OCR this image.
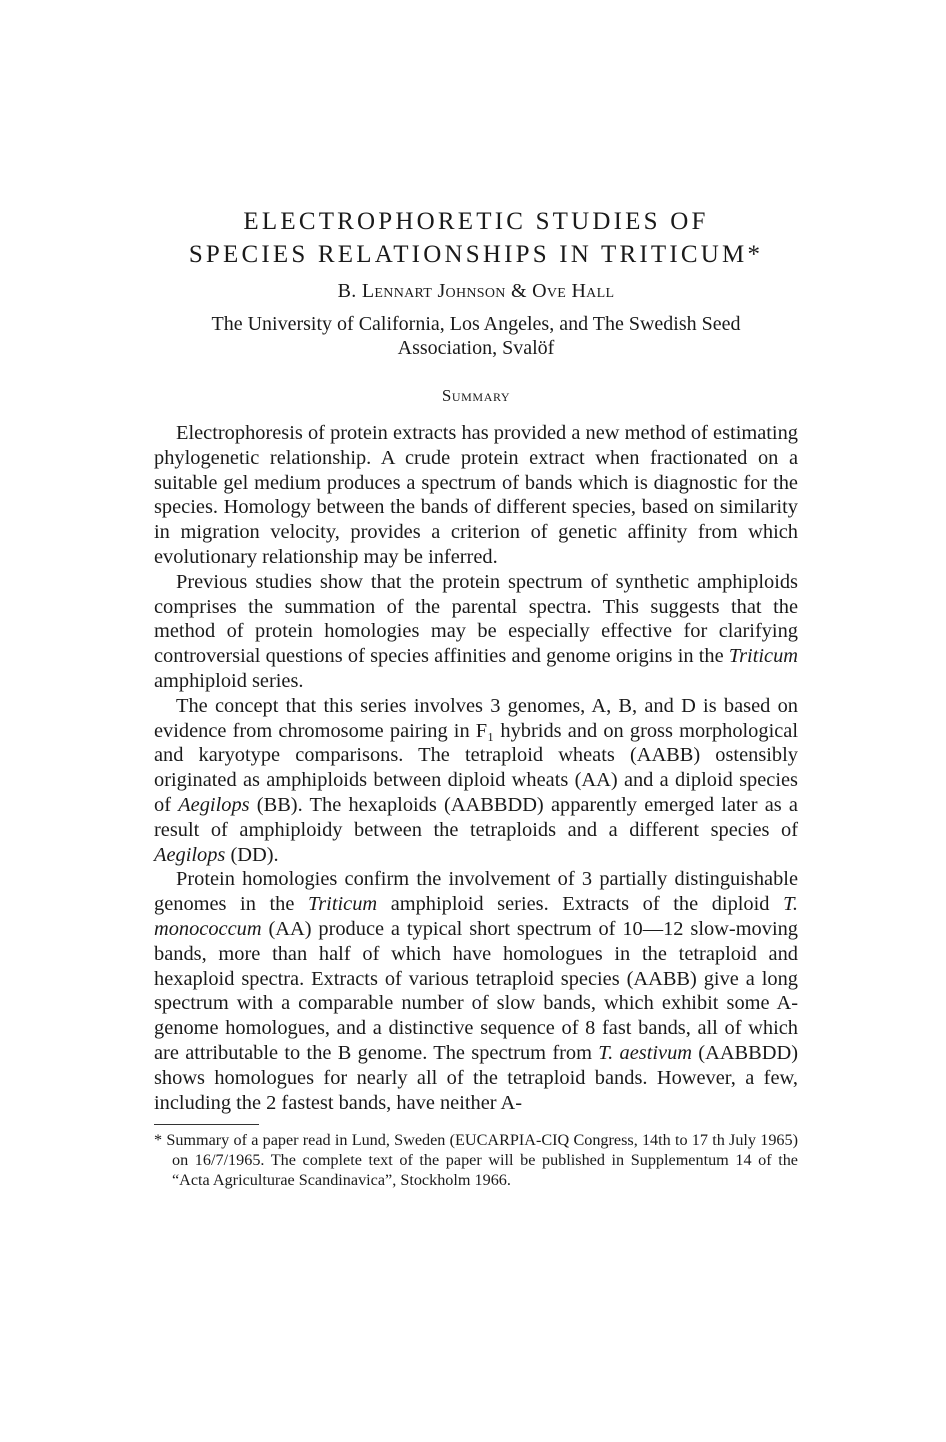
ELECTROPHORETIC STUDIES OF
SPECIES RELATIONSHIPS IN TRITICUM*
B. Lennart Johnson & Ove Hall
The University of California, Los Angeles, and The Swedish Seed
Association, Svalöf
Summary

Electrophoresis of protein extracts has provided a new method of estimating phylogenetic relationship. A crude protein extract when fractionated on a suitable gel medium produces a spectrum of bands which is diagnostic for the species. Homology between the bands of different species, based on similarity in migration velocity, provides a criterion of genetic affinity from which evolutionary relationship may be inferred.

Previous studies show that the protein spectrum of synthetic amphiploids comprises the summation of the parental spectra. This suggests that the method of protein homologies may be especially effective for clarifying controversial questions of species affinities and genome origins in the Triticum amphiploid series.

The concept that this series involves 3 genomes, A, B, and D is based on evidence from chromosome pairing in F₁ hybrids and on gross morphological and karyotype comparisons. The tetraploid wheats (AABB) ostensibly originated as amphiploids between diploid wheats (AA) and a diploid species of Aegilops (BB). The hexaploids (AABBDD) apparently emerged later as a result of amphiploidy between the tetraploids and a different species of Aegilops (DD).

Protein homologies confirm the involvement of 3 partially distinguishable genomes in the Triticum amphiploid series. Extracts of the diploid T. monococcum (AA) produce a typical short spectrum of 10—12 slow-moving bands, more than half of which have homologues in the tetraploid and hexaploid spectra. Extracts of various tetraploid species (AABB) give a long spectrum with a comparable number of slow bands, which exhibit some A-genome homologues, and a distinctive sequence of 8 fast bands, all of which are attributable to the B genome. The spectrum from T. aestivum (AABBDD) shows homologues for nearly all of the tetraploid bands. However, a few, including the 2 fastest bands, have neither A-

* Summary of a paper read in Lund, Sweden (EUCARPIA-CIQ Congress, 14th to 17 th July 1965) on 16/7/1965. The complete text of the paper will be published in Supplementum 14 of the “Acta Agriculturae Scandinavica”, Stockholm 1966.
